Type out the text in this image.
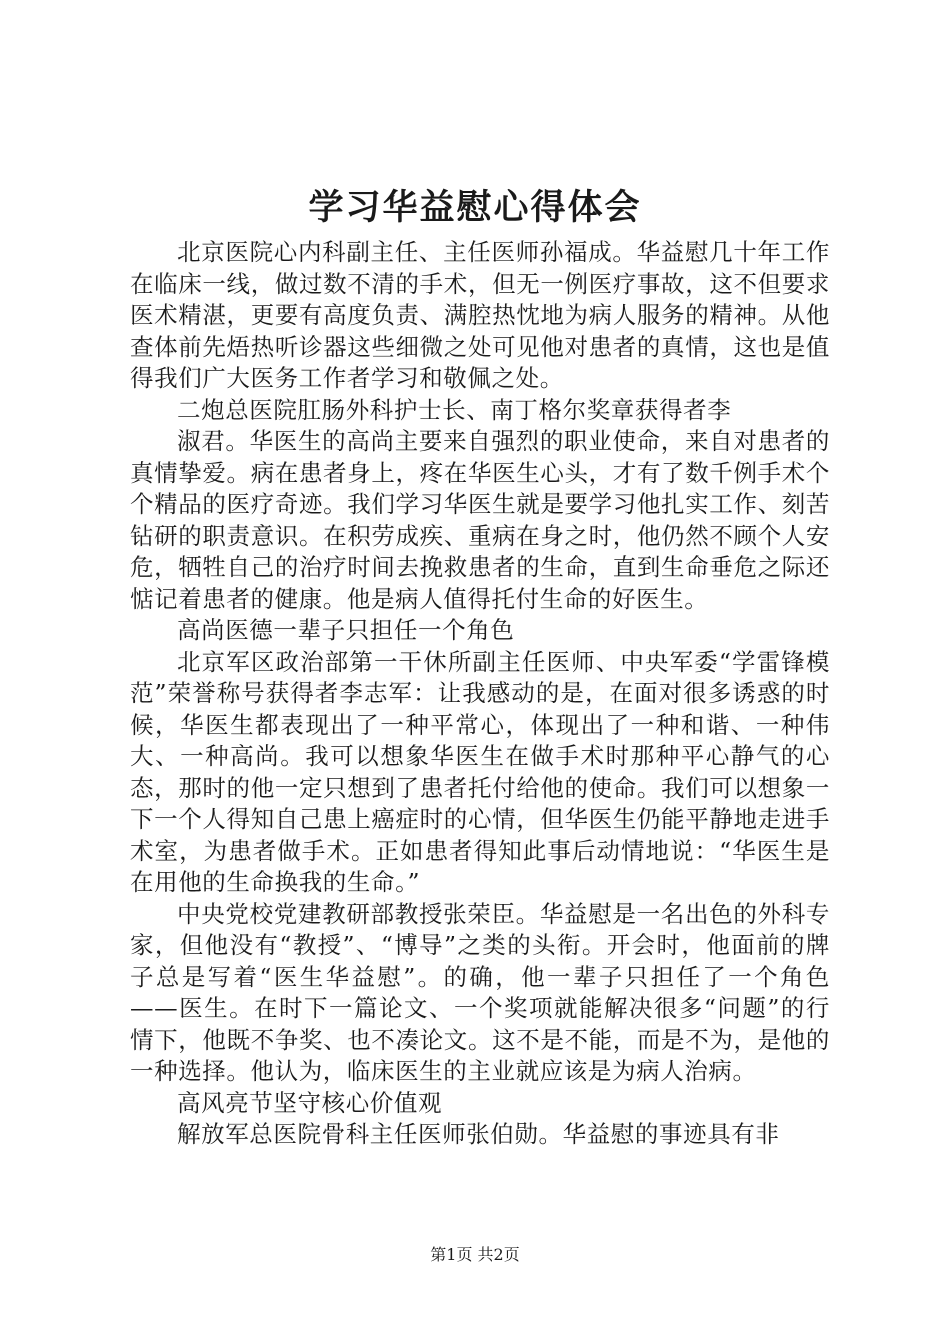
学习华益慰心得体会

北京医院心内科副主任、主任医师孙福成。华益慰几十年工作在临床一线，做过数不清的手术，但无一例医疗事故，这不但要求医术精湛，更要有高度负责、满腔热忱地为病人服务的精神。从他查体前先焐热听诊器这些细微之处可见他对患者的真情，这也是值得我们广大医务工作者学习和敬佩之处。

二炮总医院肛肠外科护士长、南丁格尔奖章获得者李

淑君。华医生的高尚主要来自强烈的职业使命，来自对患者的真情挚爱。病在患者身上，疼在华医生心头，才有了数千例手术个个精品的医疗奇迹。我们学习华医生就是要学习他扎实工作、刻苦钻研的职责意识。在积劳成疾、重病在身之时，他仍然不顾个人安危，牺牲自己的治疗时间去挽救患者的生命，直到生命垂危之际还惦记着患者的健康。他是病人值得托付生命的好医生。

高尚医德一辈子只担任一个角色

北京军区政治部第一干休所副主任医师、中央军委“学雷锋模范”荣誉称号获得者李志军：让我感动的是，在面对很多诱惑的时候，华医生都表现出了一种平常心，体现出了一种和谐、一种伟大、一种高尚。我可以想象华医生在做手术时那种平心静气的心态，那时的他一定只想到了患者托付给他的使命。我们可以想象一下一个人得知自己患上癌症时的心情，但华医生仍能平静地走进手术室，为患者做手术。正如患者得知此事后动情地说：“华医生是在用他的生命换我的生命。”

中央党校党建教研部教授张荣臣。华益慰是一名出色的外科专家，但他没有“教授”、“博导”之类的头衔。开会时，他面前的牌子总是写着“医生华益慰”。的确，他一辈子只担任了一个角色——医生。在时下一篇论文、一个奖项就能解决很多“问题”的行情下，他既不争奖、也不凑论文。这不是不能，而是不为，是他的一种选择。他认为，临床医生的主业就应该是为病人治病。

高风亮节坚守核心价值观

解放军总医院骨科主任医师张伯勋。华益慰的事迹具有非

第1页 共2页
